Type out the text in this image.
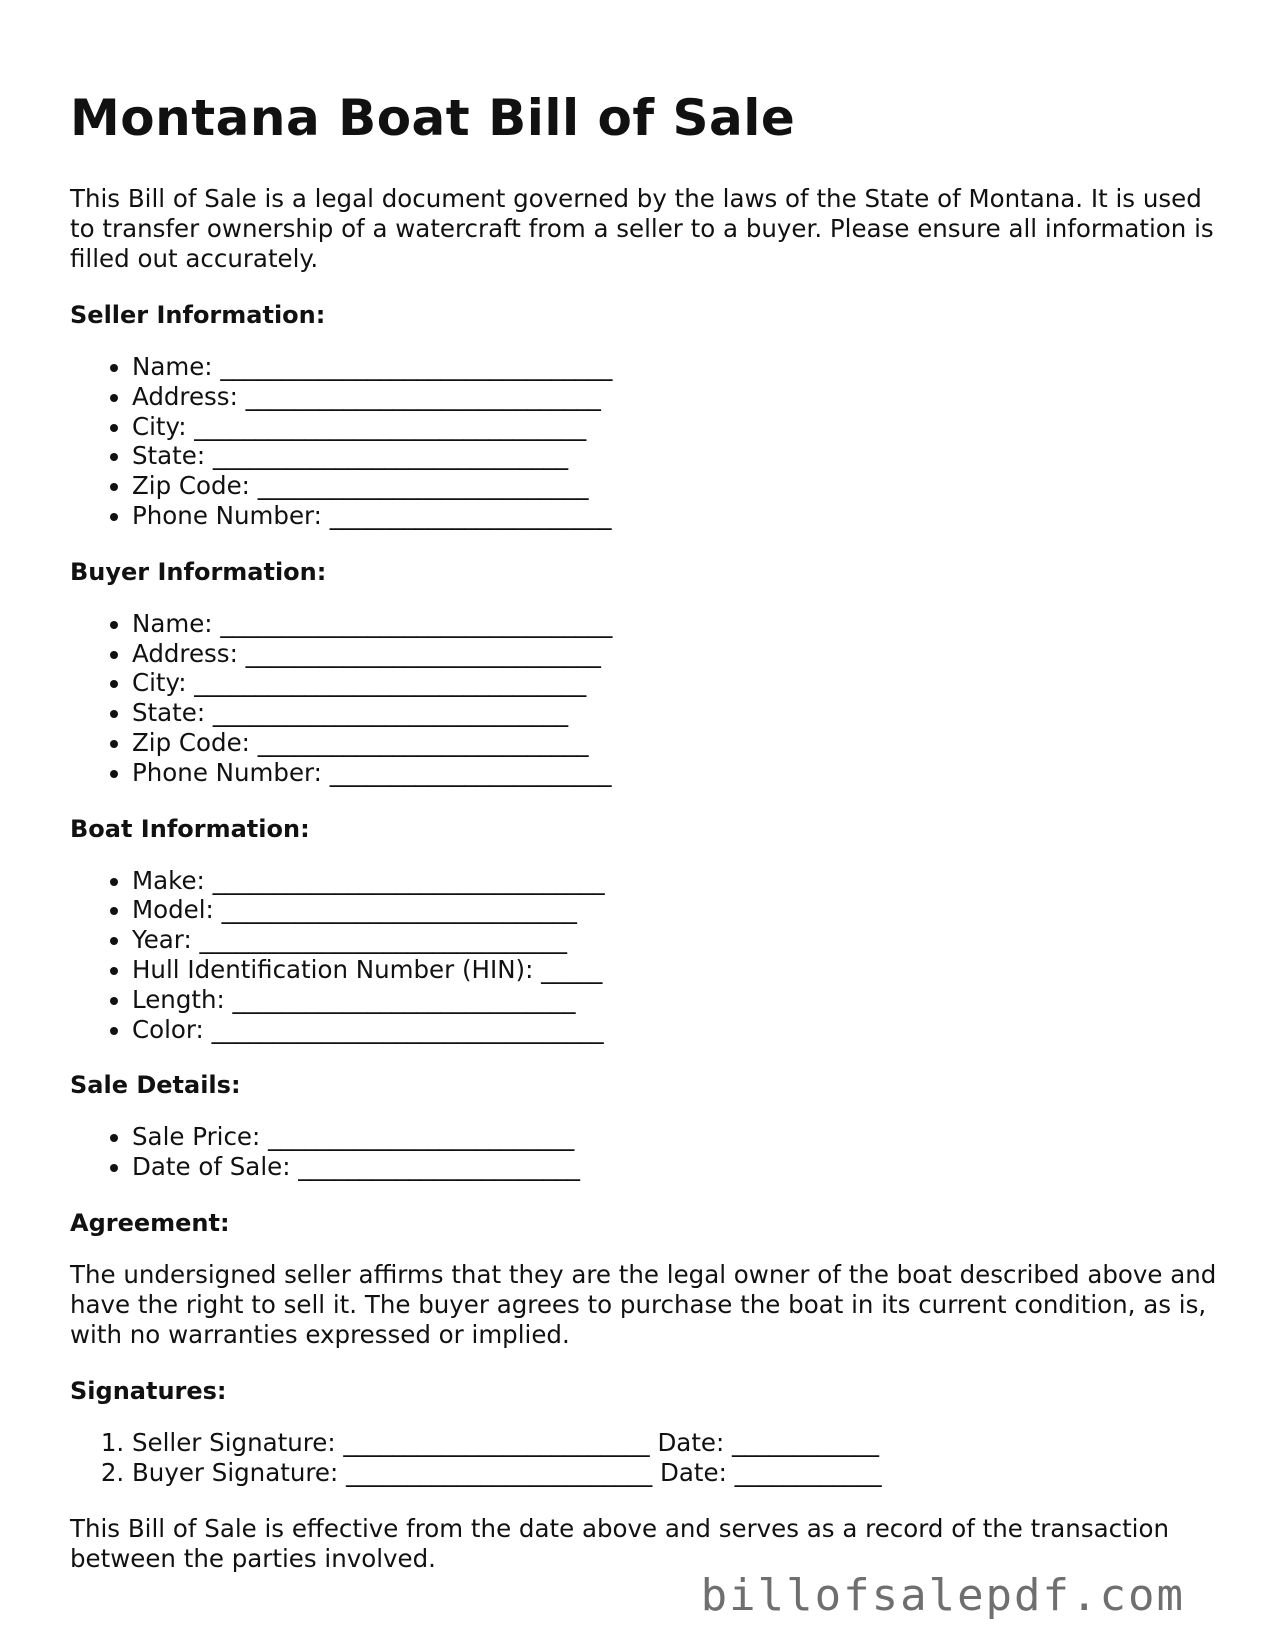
Montana Boat Bill of Sale

This Bill of Sale is a legal document governed by the laws of the State of Montana. It is used to transfer ownership of a watercraft from a seller to a buyer. Please ensure all information is filled out accurately.

Seller Information:
• Name: ________________________________
• Address: _____________________________
• City: ________________________________
• State: _____________________________
• Zip Code: ___________________________
• Phone Number: _______________________
Buyer Information:
• Name: ________________________________
• Address: _____________________________
• City: ________________________________
• State: _____________________________
• Zip Code: ___________________________
• Phone Number: _______________________
Boat Information:
• Make: ________________________________
• Model: _____________________________
• Year: ______________________________
• Hull Identification Number (HIN): _____
• Length: ____________________________
• Color: ________________________________
Sale Details:
• Sale Price: _________________________
• Date of Sale: _______________________
Agreement:

The undersigned seller affirms that they are the legal owner of the boat described above and have the right to sell it. The buyer agrees to purchase the boat in its current condition, as is, with no warranties expressed or implied.

Signatures:
1. Seller Signature: _________________________ Date: ____________
2. Buyer Signature: _________________________ Date: ____________

This Bill of Sale is effective from the date above and serves as a record of the transaction between the parties involved.

billofsalepdf.com
